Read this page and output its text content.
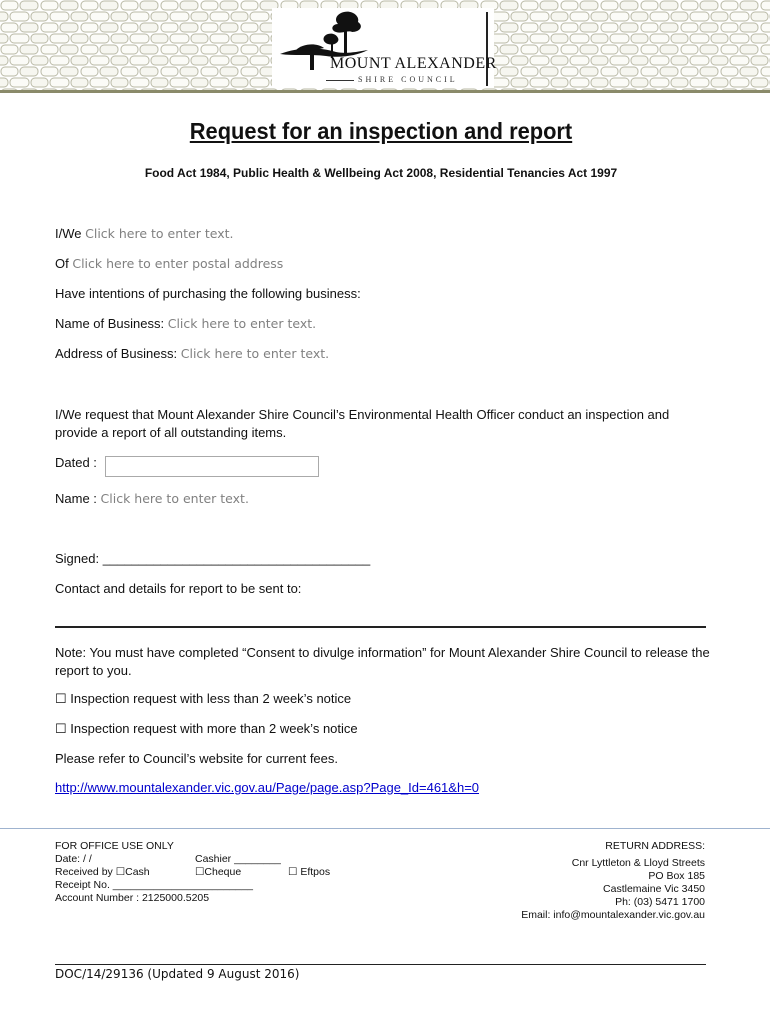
MOUNT ALEXANDER
SHIRE COUNCIL
Request for an inspection and report
Food Act 1984, Public Health & Wellbeing Act 2008, Residential Tenancies Act 1997
I/We Click here to enter text.
Of Click here to enter postal address
Have intentions of purchasing the following business:
Name of Business: Click here to enter text.
Address of Business: Click here to enter text.
I/We request that Mount Alexander Shire Council’s Environmental Health Officer conduct an inspection and provide a report of all outstanding items.
Dated :
Name : Click here to enter text.
Signed: _____________________________________
Contact and details for report to be sent to:
Note: You must have completed “Consent to divulge information” for Mount Alexander Shire Council to release the report to you.
☐ Inspection request with less than 2 week’s notice
☐ Inspection request with more than 2 week’s notice
Please refer to Council’s website for current fees.
http://www.mountalexander.vic.gov.au/Page/page.asp?Page_Id=461&h=0
FOR OFFICE USE ONLY
Date: / /	Cashier ________
Received by ☐Cash	☐Cheque	☐ Eftpos
Receipt No. ________________________
Account Number : 2125000.5205
RETURN ADDRESS:
Cnr Lyttleton & Lloyd Streets
PO Box 185
Castlemaine Vic 3450
Ph: (03) 5471 1700
Email: info@mountalexander.vic.gov.au
DOC/14/29136 (Updated 9 August 2016)
